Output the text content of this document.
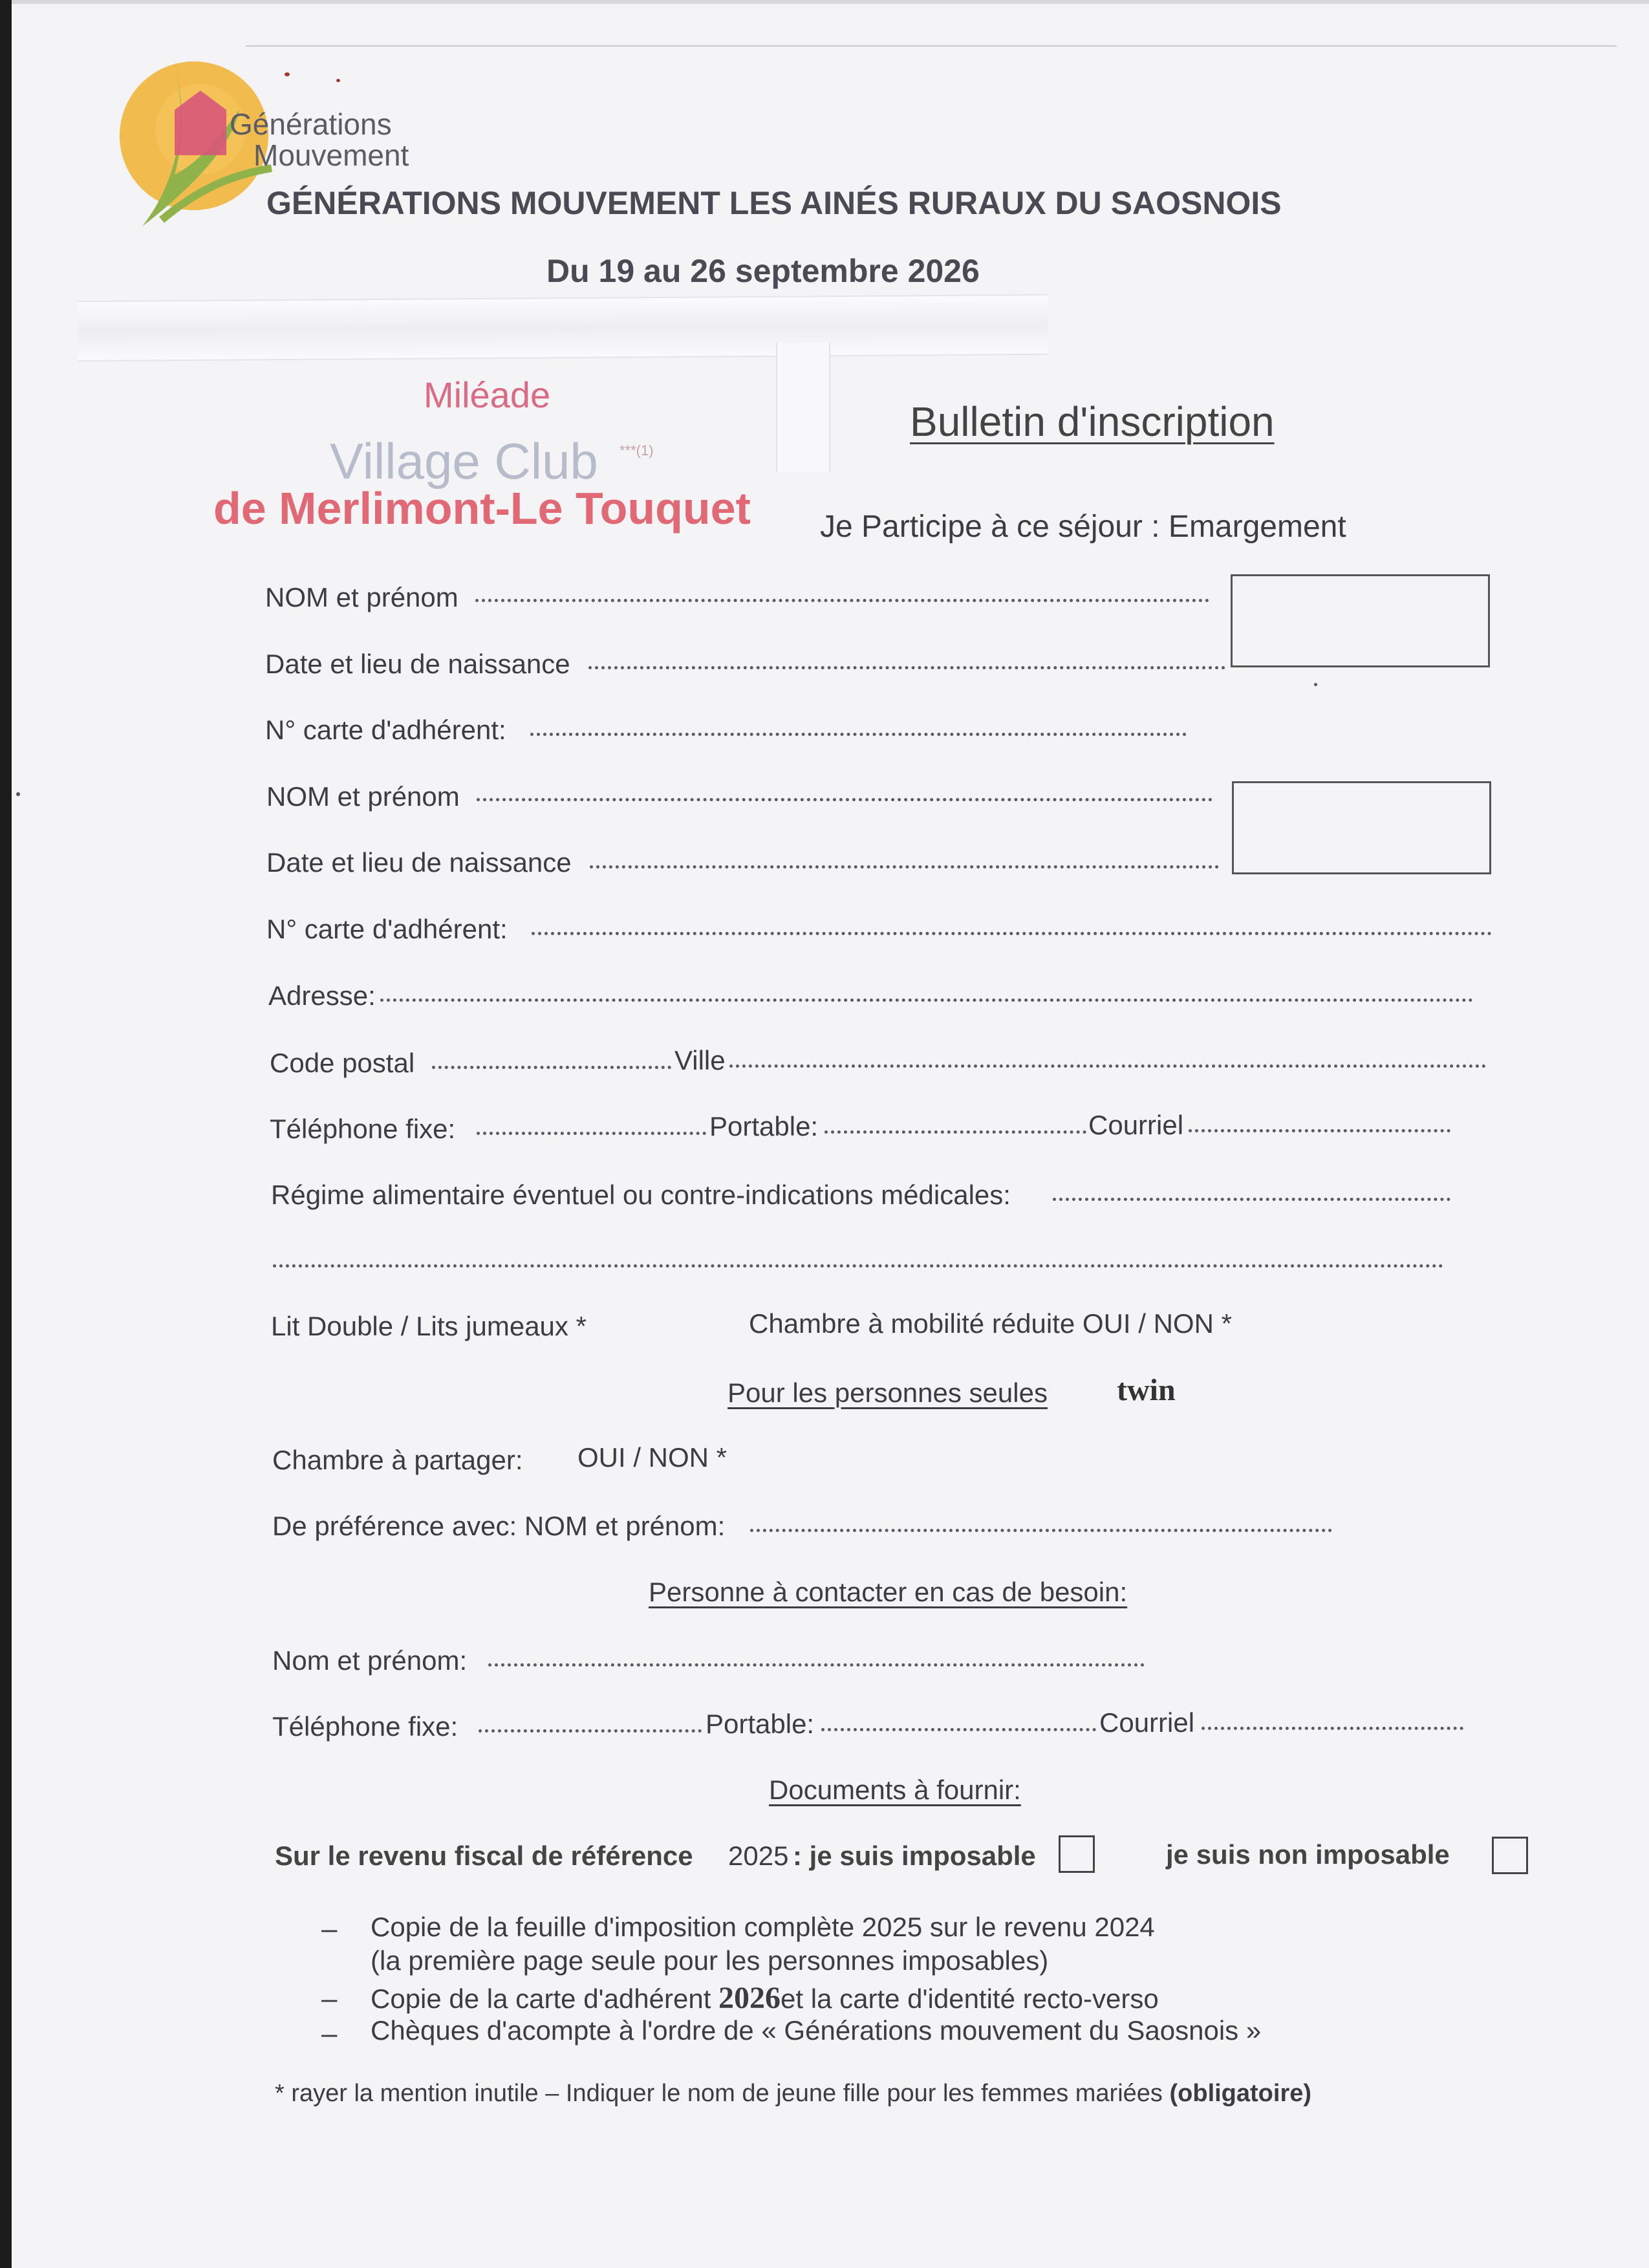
Générations
Mouvement
GÉNÉRATIONS MOUVEMENT LES AINÉS RURAUX DU SAOSNOIS
Du 19 au 26 septembre 2026
Miléade
Village Club ***(1)
de Merlimont-Le Touquet
Bulletin d'inscription
Je Participe à ce séjour : Emargement
NOM et prénom
Date et lieu de naissance
N° carte d'adhérent:
NOM et prénom
Date et lieu de naissance
N° carte d'adhérent:
Adresse:
Code postal	Ville
Téléphone fixe:	Portable:	Courriel
Régime alimentaire éventuel ou contre-indications médicales:
Lit Double / Lits jumeaux *	Chambre à mobilité réduite OUI / NON *
Pour les personnes seules twin
Chambre à partager: OUI / NON *
De préférence avec: NOM et prénom:
Personne à contacter en cas de besoin:
Nom et prénom:
Téléphone fixe:	Portable:	Courriel
Documents à fournir:
Sur le revenu fiscal de référence 2025 : je suis imposable	je suis non imposable
– Copie de la feuille d'imposition complète 2025 sur le revenu 2024
(la première page seule pour les personnes imposables)
– Copie de la carte d'adhérent 2026et la carte d'identité recto-verso
– Chèques d'acompte à l'ordre de « Générations mouvement du Saosnois »
* rayer la mention inutile – Indiquer le nom de jeune fille pour les femmes mariées (obligatoire)
